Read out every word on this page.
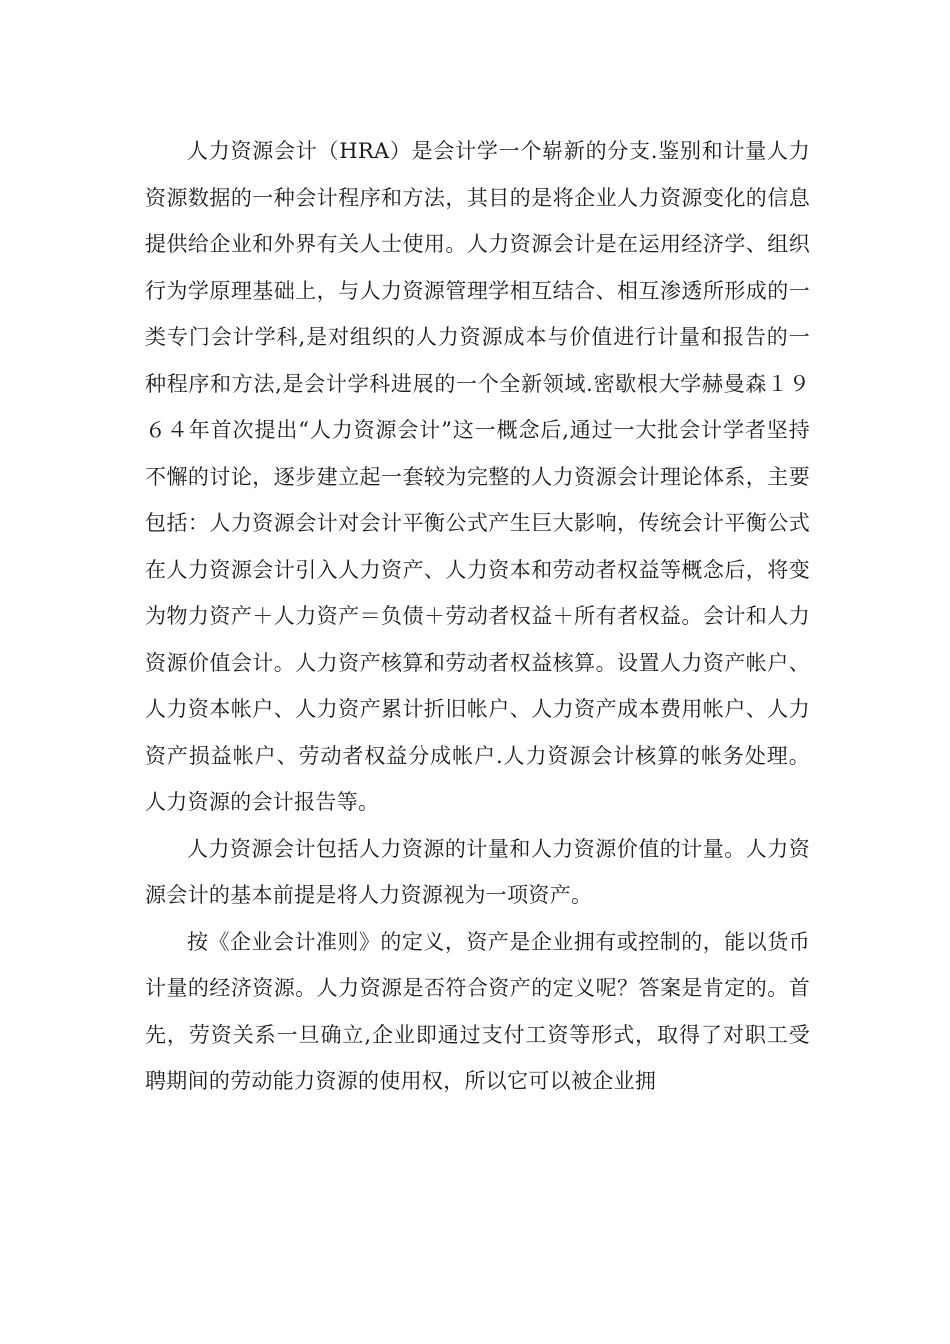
人力资源会计（HRA）是会计学一个崭新的分支.鉴别和计量人力资源数据的一种会计程序和方法，其目的是将企业人力资源变化的信息提供给企业和外界有关人士使用。人力资源会计是在运用经济学、组织行为学原理基础上，与人力资源管理学相互结合、相互渗透所形成的一类专门会计学科,是对组织的人力资源成本与价值进行计量和报告的一种程序和方法,是会计学科进展的一个全新领域.密歇根大学赫曼森１９６４年首次提出“人力资源会计”这一概念后,通过一大批会计学者坚持不懈的讨论，逐步建立起一套较为完整的人力资源会计理论体系，主要包括：人力资源会计对会计平衡公式产生巨大影响，传统会计平衡公式在人力资源会计引入人力资产、人力资本和劳动者权益等概念后，将变为物力资产＋人力资产＝负债＋劳动者权益＋所有者权益。会计和人力资源价值会计。人力资产核算和劳动者权益核算。设置人力资产帐户、人力资本帐户、人力资产累计折旧帐户、人力资产成本费用帐户、人力资产损益帐户、劳动者权益分成帐户.人力资源会计核算的帐务处理。人力资源的会计报告等。

人力资源会计包括人力资源的计量和人力资源价值的计量。人力资源会计的基本前提是将人力资源视为一项资产。

按《企业会计准则》的定义，资产是企业拥有或控制的，能以货币计量的经济资源。人力资源是否符合资产的定义呢？答案是肯定的。首先，劳资关系一旦确立,企业即通过支付工资等形式，取得了对职工受聘期间的劳动能力资源的使用权，所以它可以被企业拥
